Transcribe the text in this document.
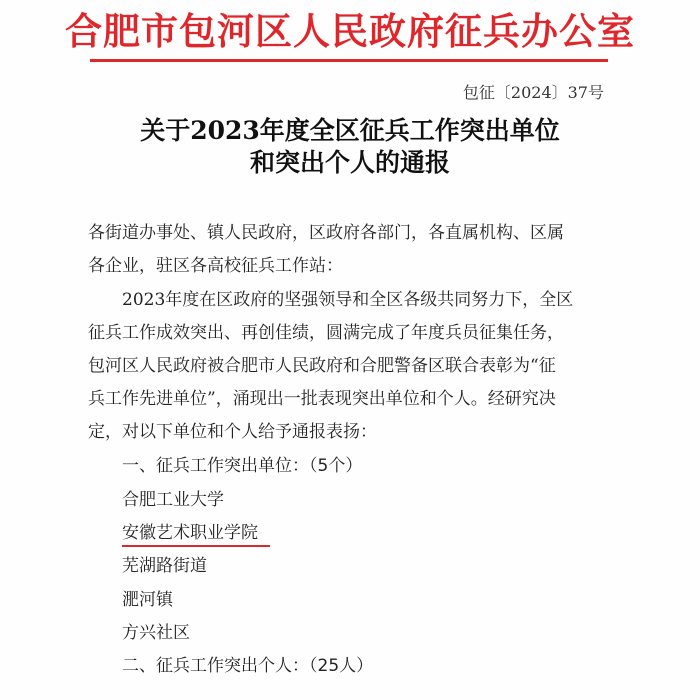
合肥市包河区人民政府征兵办公室
包征〔2024〕37号
关于2023年度全区征兵工作突出单位
和突出个人的通报
各街道办事处、镇人民政府，区政府各部门，各直属机构、区属
各企业，驻区各高校征兵工作站：
2023年度在区政府的坚强领导和全区各级共同努力下，全区
征兵工作成效突出、再创佳绩，圆满完成了年度兵员征集任务，
包河区人民政府被合肥市人民政府和合肥警备区联合表彰为“征
兵工作先进单位”，涌现出一批表现突出单位和个人。经研究决
定，对以下单位和个人给予通报表扬：
一、征兵工作突出单位：（5个）
合肥工业大学
安徽艺术职业学院
芜湖路街道
淝河镇
方兴社区
二、征兵工作突出个人：（25人）
